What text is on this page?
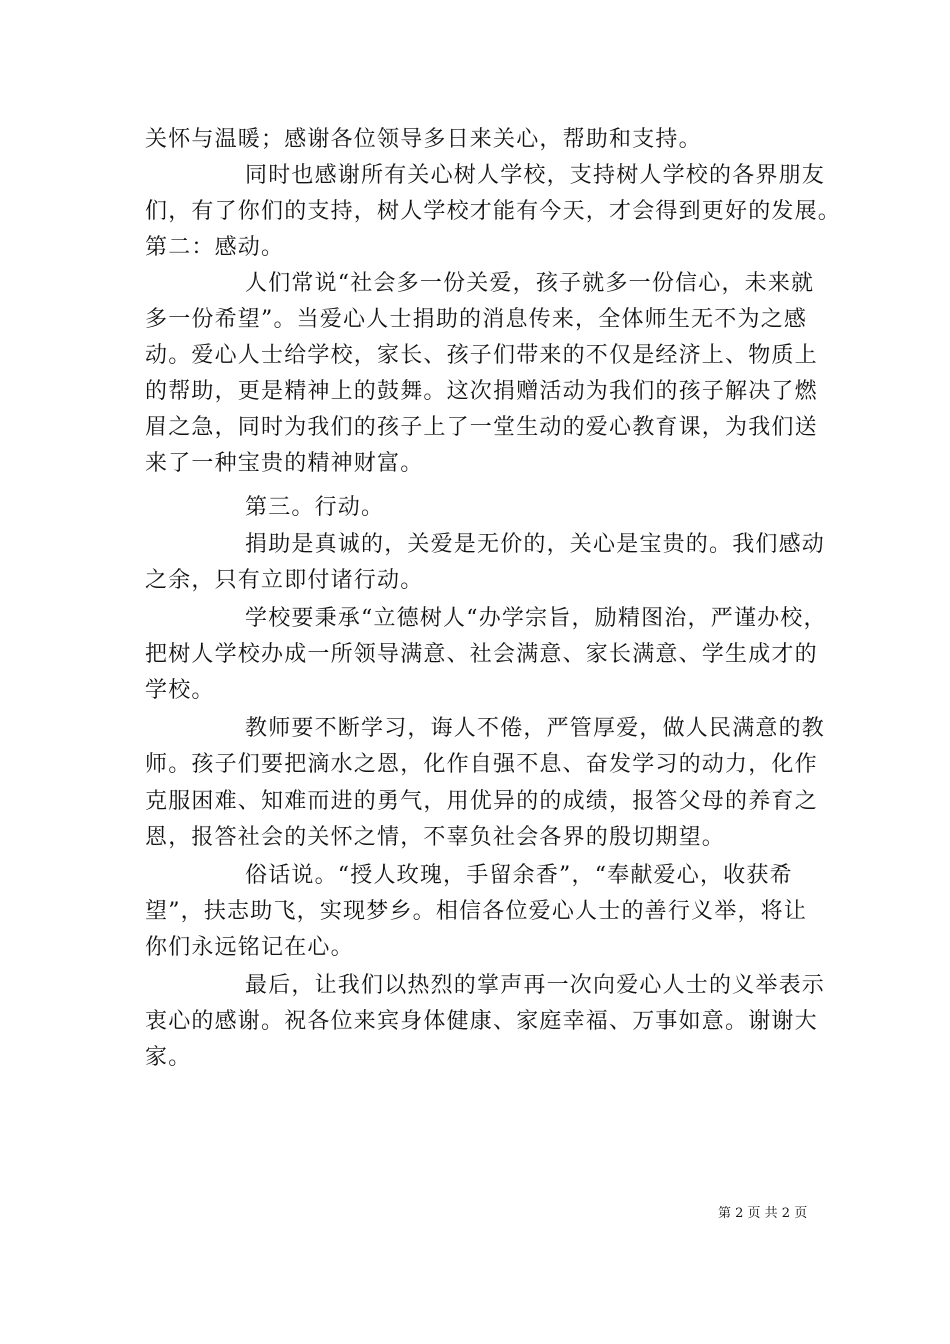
关怀与温暖；感谢各位领导多日来关心，帮助和支持。
同时也感谢所有关心树人学校，支持树人学校的各界朋友
们，有了你们的支持，树人学校才能有今天，才会得到更好的发展。
第二：感动。
人们常说“社会多一份关爱，孩子就多一份信心，未来就
多一份希望”。当爱心人士捐助的消息传来，全体师生无不为之感
动。爱心人士给学校，家长、孩子们带来的不仅是经济上、物质上
的帮助，更是精神上的鼓舞。这次捐赠活动为我们的孩子解决了燃
眉之急，同时为我们的孩子上了一堂生动的爱心教育课，为我们送
来了一种宝贵的精神财富。
第三。行动。
捐助是真诚的，关爱是无价的，关心是宝贵的。我们感动
之余，只有立即付诸行动。
学校要秉承“立德树人“办学宗旨，励精图治，严谨办校，
把树人学校办成一所领导满意、社会满意、家长满意、学生成才的
学校。
教师要不断学习，诲人不倦，严管厚爱，做人民满意的教
师。孩子们要把滴水之恩，化作自强不息、奋发学习的动力，化作
克服困难、知难而进的勇气，用优异的的成绩，报答父母的养育之
恩，报答社会的关怀之情，不辜负社会各界的殷切期望。
俗话说。“授人玫瑰，手留余香”，“奉献爱心，收获希
望”，扶志助飞，实现梦乡。相信各位爱心人士的善行义举，将让
你们永远铭记在心。
最后，让我们以热烈的掌声再一次向爱心人士的义举表示
衷心的感谢。祝各位来宾身体健康、家庭幸福、万事如意。谢谢大
家。
第 2 页 共 2 页
